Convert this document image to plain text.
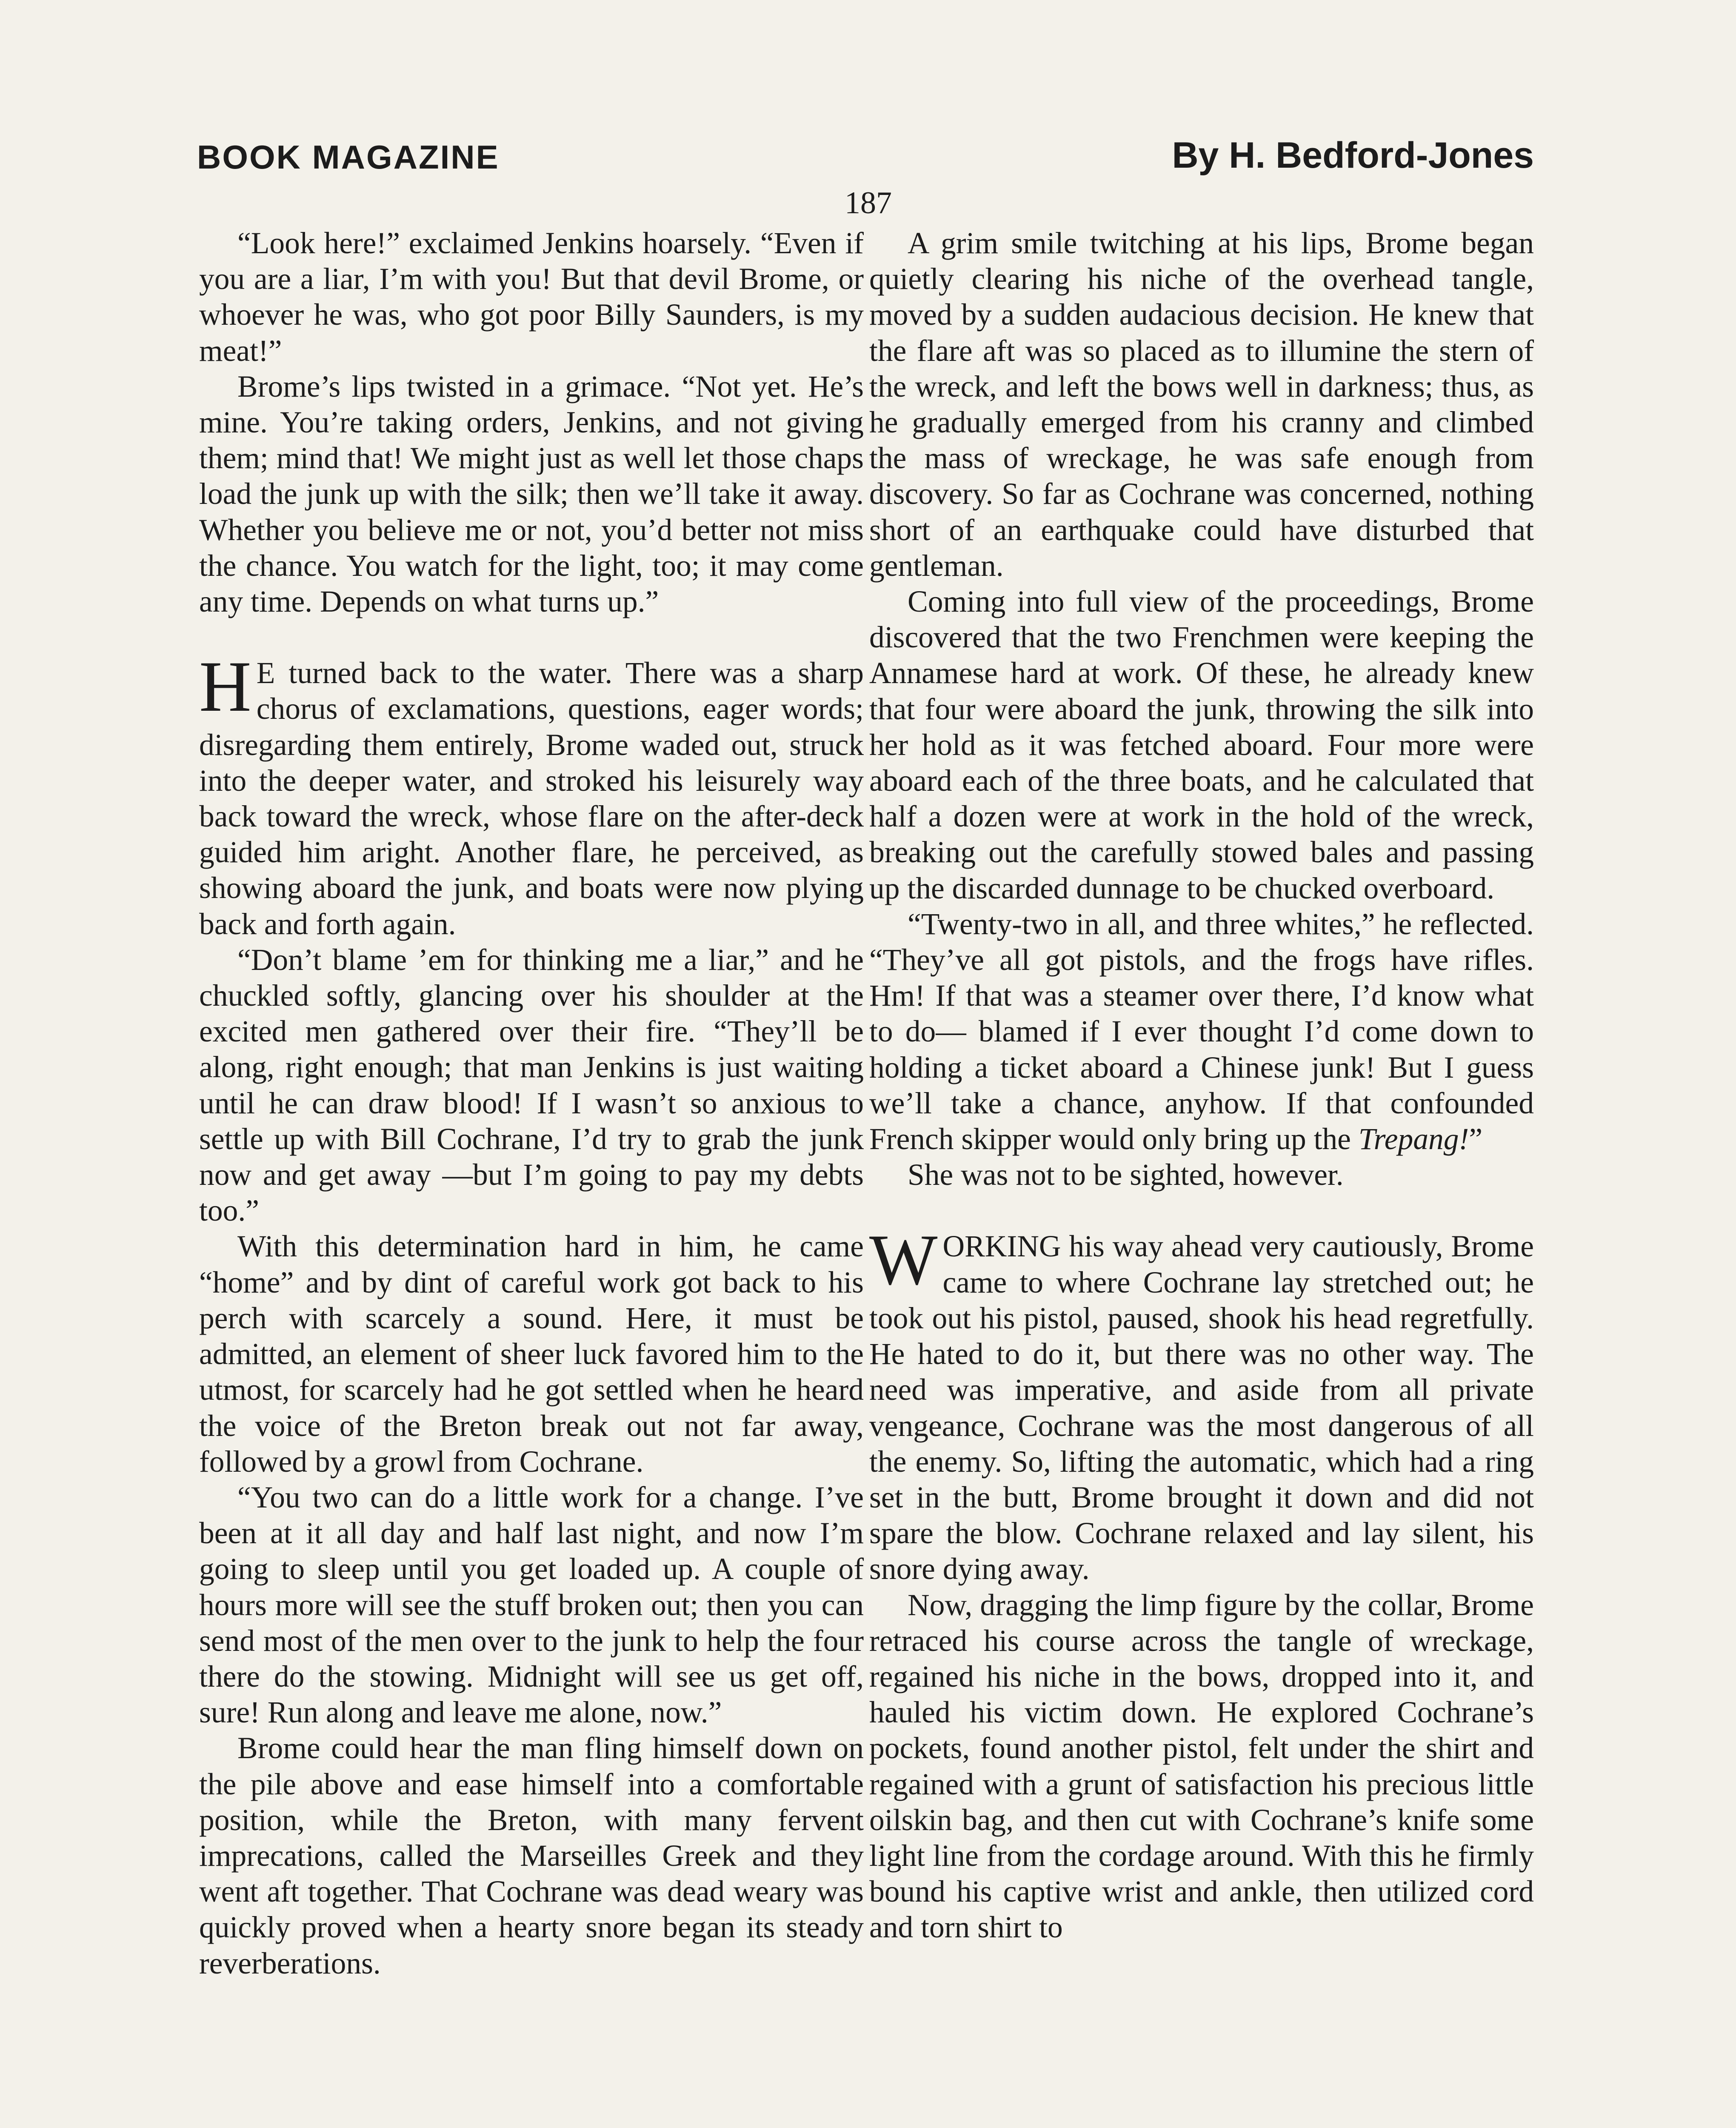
BOOK MAGAZINE	By H. Bedford-Jones
187

“Look here!” exclaimed Jenkins hoarsely. “Even if you are a liar, I’m with you! But that devil Brome, or whoever he was, who got poor Billy Saunders, is my meat!”

Brome’s lips twisted in a grimace. “Not yet. He’s mine. You’re taking orders, Jenkins, and not giving them; mind that! We might just as well let those chaps load the junk up with the silk; then we’ll take it away. Whether you believe me or not, you’d better not miss the chance. You watch for the light, too; it may come any time. Depends on what turns up.”

H E turned back to the water. There was a sharp chorus of exclamations, questions, eager words; disregarding them entirely, Brome waded out, struck into the deeper water, and stroked his leisurely way back toward the wreck, whose flare on the after-deck guided him aright. Another flare, he perceived, as showing aboard the junk, and boats were now plying back and forth again.

“Don’t blame ’em for thinking me a liar,” and he chuckled softly, glancing over his shoulder at the excited men gathered over their fire. “They’ll be along, right enough; that man Jenkins is just waiting until he can draw blood! If I wasn’t so anxious to settle up with Bill Cochrane, I’d try to grab the junk now and get away —but I’m going to pay my debts too.”

With this determination hard in him, he came “home” and by dint of careful work got back to his perch with scarcely a sound. Here, it must be admitted, an element of sheer luck favored him to the utmost, for scarcely had he got settled when he heard the voice of the Breton break out not far away, followed by a growl from Cochrane.

“You two can do a little work for a change. I’ve been at it all day and half last night, and now I’m going to sleep until you get loaded up. A couple of hours more will see the stuff broken out; then you can send most of the men over to the junk to help the four there do the stowing. Midnight will see us get off, sure! Run along and leave me alone, now.”

Brome could hear the man fling himself down on the pile above and ease himself into a comfortable position, while the Breton, with many fervent imprecations, called the Marseilles Greek and they went aft together. That Cochrane was dead weary was quickly proved when a hearty snore began its steady reverberations.

A grim smile twitching at his lips, Brome began quietly clearing his niche of the overhead tangle, moved by a sudden audacious decision. He knew that the flare aft was so placed as to illumine the stern of the wreck, and left the bows well in darkness; thus, as he gradually emerged from his cranny and climbed the mass of wreckage, he was safe enough from discovery. So far as Cochrane was concerned, nothing short of an earthquake could have disturbed that gentleman.

Coming into full view of the proceedings, Brome discovered that the two Frenchmen were keeping the Annamese hard at work. Of these, he already knew that four were aboard the junk, throwing the silk into her hold as it was fetched aboard. Four more were aboard each of the three boats, and he calculated that half a dozen were at work in the hold of the wreck, breaking out the carefully stowed bales and passing up the discarded dunnage to be chucked overboard.

“Twenty-two in all, and three whites,” he reflected. “They’ve all got pistols, and the frogs have rifles. Hm! If that was a steamer over there, I’d know what to do— blamed if I ever thought I’d come down to holding a ticket aboard a Chinese junk! But I guess we’ll take a chance, anyhow. If that confounded French skipper would only bring up the Trepang!”

She was not to be sighted, however.

WORKING his way ahead very cautiously, Brome came to where Cochrane lay stretched out; he took out his pistol, paused, shook his head regretfully. He hated to do it, but there was no other way. The need was imperative, and aside from all private vengeance, Cochrane was the most dangerous of all the enemy. So, lifting the automatic, which had a ring set in the butt, Brome brought it down and did not spare the blow. Cochrane relaxed and lay silent, his snore dying away.

Now, dragging the limp figure by the collar, Brome retraced his course across the tangle of wreckage, regained his niche in the bows, dropped into it, and hauled his victim down. He explored Cochrane’s pockets, found another pistol, felt under the shirt and regained with a grunt of satisfaction his precious little oilskin bag, and then cut with Cochrane’s knife some light line from the cordage around. With this he firmly bound his captive wrist and ankle, then utilized cord and torn shirt to
